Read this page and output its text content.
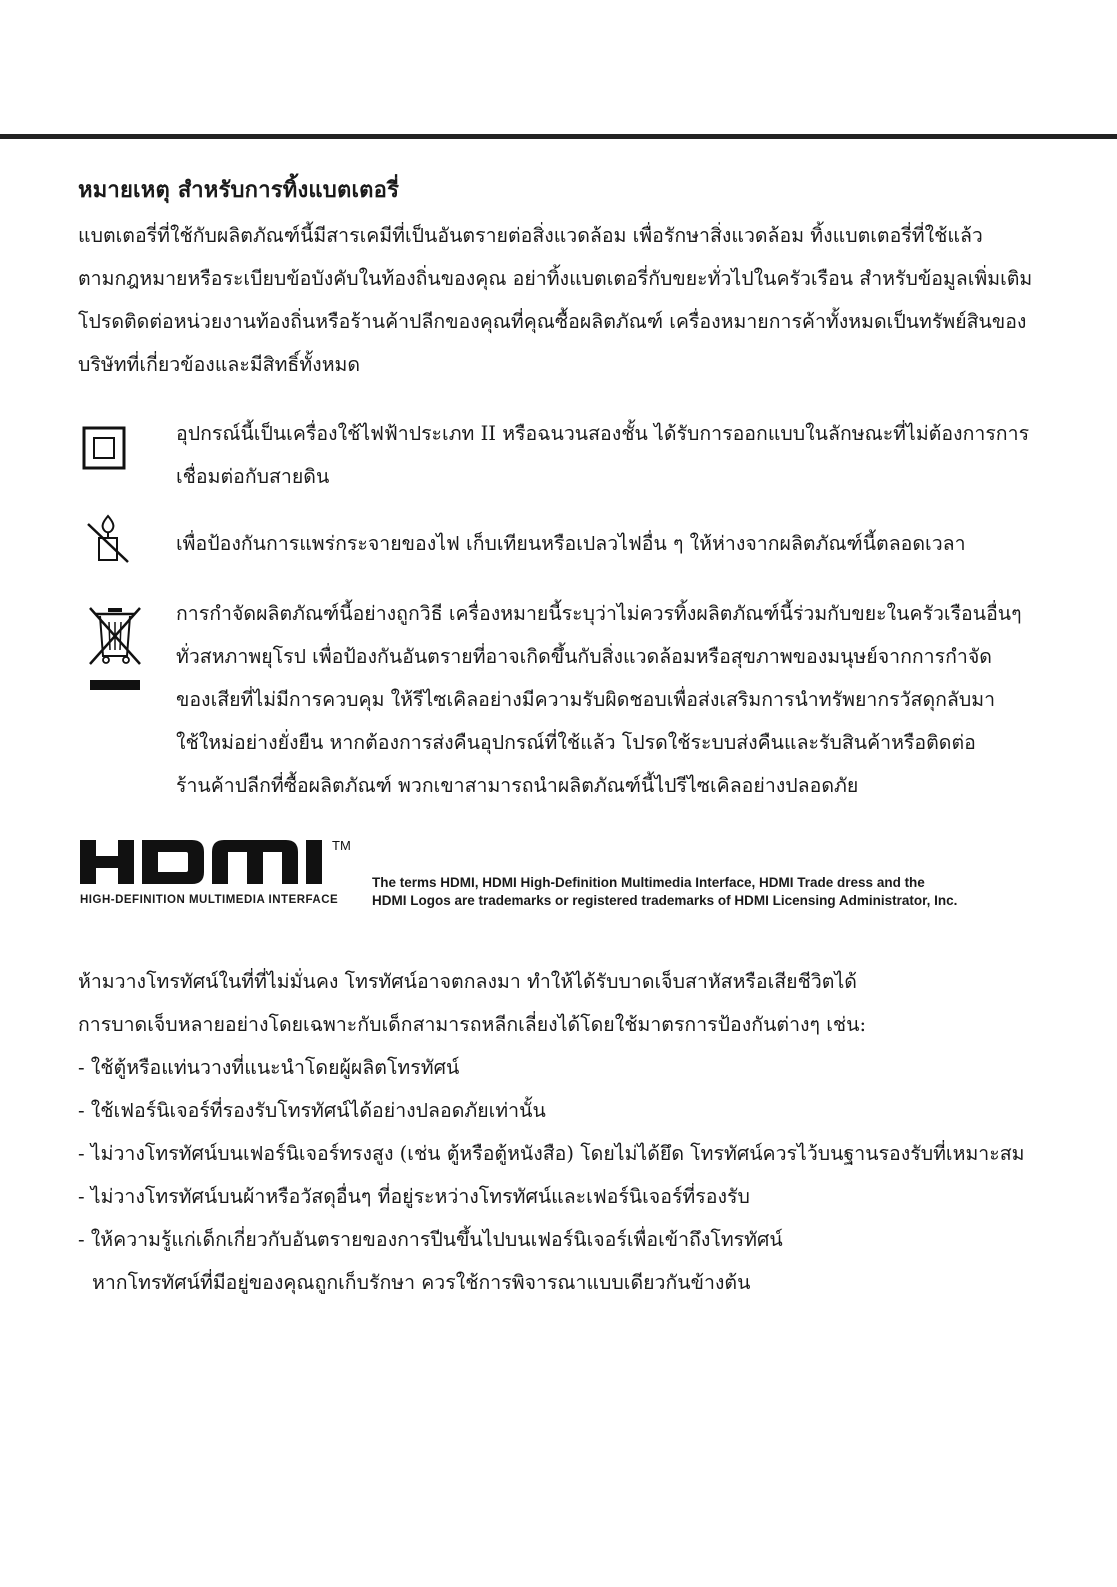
หมายเหตุ สำหรับการทิ้งแบตเตอรี่
แบตเตอรี่ที่ใช้กับผลิตภัณฑ์นี้มีสารเคมีที่เป็นอันตรายต่อสิ่งแวดล้อม เพื่อรักษาสิ่งแวดล้อม ทิ้งแบตเตอรี่ที่ใช้แล้ว
ตามกฎหมายหรือระเบียบข้อบังคับในท้องถิ่นของคุณ อย่าทิ้งแบตเตอรี่กับขยะทั่วไปในครัวเรือน สำหรับข้อมูลเพิ่มเติม
โปรดติดต่อหน่วยงานท้องถิ่นหรือร้านค้าปลีกของคุณที่คุณซื้อผลิตภัณฑ์ เครื่องหมายการค้าทั้งหมดเป็นทรัพย์สินของ
บริษัทที่เกี่ยวข้องและมีสิทธิ์ทั้งหมด
อุปกรณ์นี้เป็นเครื่องใช้ไฟฟ้าประเภท II หรือฉนวนสองชั้น ได้รับการออกแบบในลักษณะที่ไม่ต้องการการ
เชื่อมต่อกับสายดิน
เพื่อป้องกันการแพร่กระจายของไฟ เก็บเทียนหรือเปลวไฟอื่น ๆ ให้ห่างจากผลิตภัณฑ์นี้ตลอดเวลา
การกำจัดผลิตภัณฑ์นี้อย่างถูกวิธี เครื่องหมายนี้ระบุว่าไม่ควรทิ้งผลิตภัณฑ์นี้ร่วมกับขยะในครัวเรือนอื่นๆ
ทั่วสหภาพยุโรป เพื่อป้องกันอันตรายที่อาจเกิดขึ้นกับสิ่งแวดล้อมหรือสุขภาพของมนุษย์จากการกำจัด
ของเสียที่ไม่มีการควบคุม ให้รีไซเคิลอย่างมีความรับผิดชอบเพื่อส่งเสริมการนำทรัพยากรวัสดุกลับมา
ใช้ใหม่อย่างยั่งยืน หากต้องการส่งคืนอุปกรณ์ที่ใช้แล้ว โปรดใช้ระบบส่งคืนและรับสินค้าหรือติดต่อ
ร้านค้าปลีกที่ซื้อผลิตภัณฑ์ พวกเขาสามารถนำผลิตภัณฑ์นี้ไปรีไซเคิลอย่างปลอดภัย
TM
HIGH-DEFINITION MULTIMEDIA INTERFACE
The terms HDMI, HDMI High-Definition Multimedia Interface, HDMI Trade dress and the
HDMI Logos are trademarks or registered trademarks of HDMI Licensing Administrator, Inc.
ห้ามวางโทรทัศน์ในที่ที่ไม่มั่นคง โทรทัศน์อาจตกลงมา ทำให้ได้รับบาดเจ็บสาหัสหรือเสียชีวิตได้
การบาดเจ็บหลายอย่างโดยเฉพาะกับเด็กสามารถหลีกเลี่ยงได้โดยใช้มาตรการป้องกันต่างๆ เช่น:
- ใช้ตู้หรือแท่นวางที่แนะนำโดยผู้ผลิตโทรทัศน์
- ใช้เฟอร์นิเจอร์ที่รองรับโทรทัศน์ได้อย่างปลอดภัยเท่านั้น
- ไม่วางโทรทัศน์บนเฟอร์นิเจอร์ทรงสูง (เช่น ตู้หรือตู้หนังสือ) โดยไม่ได้ยึด โทรทัศน์ควรไว้บนฐานรองรับที่เหมาะสม
- ไม่วางโทรทัศน์บนผ้าหรือวัสดุอื่นๆ ที่อยู่ระหว่างโทรทัศน์และเฟอร์นิเจอร์ที่รองรับ
- ให้ความรู้แก่เด็กเกี่ยวกับอันตรายของการปีนขึ้นไปบนเฟอร์นิเจอร์เพื่อเข้าถึงโทรทัศน์
หากโทรทัศน์ที่มีอยู่ของคุณถูกเก็บรักษา ควรใช้การพิจารณาแบบเดียวกันข้างต้น
